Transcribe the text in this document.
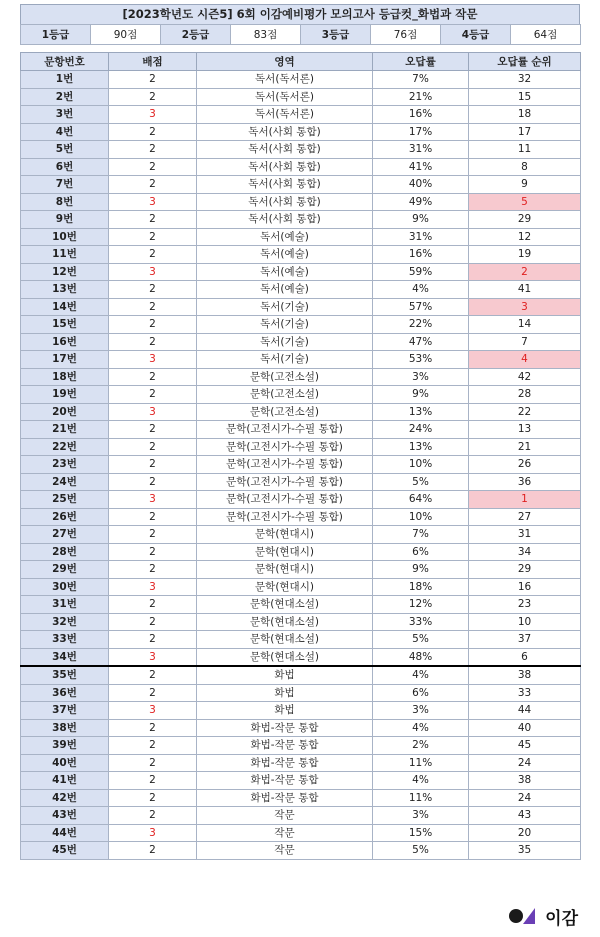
[2023학년도 시즌5] 6회 이감예비평가 모의고사 등급컷_화법과 작문
1등급	90점	2등급	83점	3등급	76점	4등급	64점
문항번호	배점	영역	오답률	오답률 순위
1번	2	독서(독서론)	7%	32
2번	2	독서(독서론)	21%	15
3번	3	독서(독서론)	16%	18
4번	2	독서(사회 통합)	17%	17
5번	2	독서(사회 통합)	31%	11
6번	2	독서(사회 통합)	41%	8
7번	2	독서(사회 통합)	40%	9
8번	3	독서(사회 통합)	49%	5
9번	2	독서(사회 통합)	9%	29
10번	2	독서(예술)	31%	12
11번	2	독서(예술)	16%	19
12번	3	독서(예술)	59%	2
13번	2	독서(예술)	4%	41
14번	2	독서(기술)	57%	3
15번	2	독서(기술)	22%	14
16번	2	독서(기술)	47%	7
17번	3	독서(기술)	53%	4
18번	2	문학(고전소설)	3%	42
19번	2	문학(고전소설)	9%	28
20번	3	문학(고전소설)	13%	22
21번	2	문학(고전시가-수필 통합)	24%	13
22번	2	문학(고전시가-수필 통합)	13%	21
23번	2	문학(고전시가-수필 통합)	10%	26
24번	2	문학(고전시가-수필 통합)	5%	36
25번	3	문학(고전시가-수필 통합)	64%	1
26번	2	문학(고전시가-수필 통합)	10%	27
27번	2	문학(현대시)	7%	31
28번	2	문학(현대시)	6%	34
29번	2	문학(현대시)	9%	29
30번	3	문학(현대시)	18%	16
31번	2	문학(현대소설)	12%	23
32번	2	문학(현대소설)	33%	10
33번	2	문학(현대소설)	5%	37
34번	3	문학(현대소설)	48%	6
35번	2	화법	4%	38
36번	2	화법	6%	33
37번	3	화법	3%	44
38번	2	화법-작문 통합	4%	40
39번	2	화법-작문 통합	2%	45
40번	2	화법-작문 통합	11%	24
41번	2	화법-작문 통합	4%	38
42번	2	화법-작문 통합	11%	24
43번	2	작문	3%	43
44번	3	작문	15%	20
45번	2	작문	5%	35
이감
